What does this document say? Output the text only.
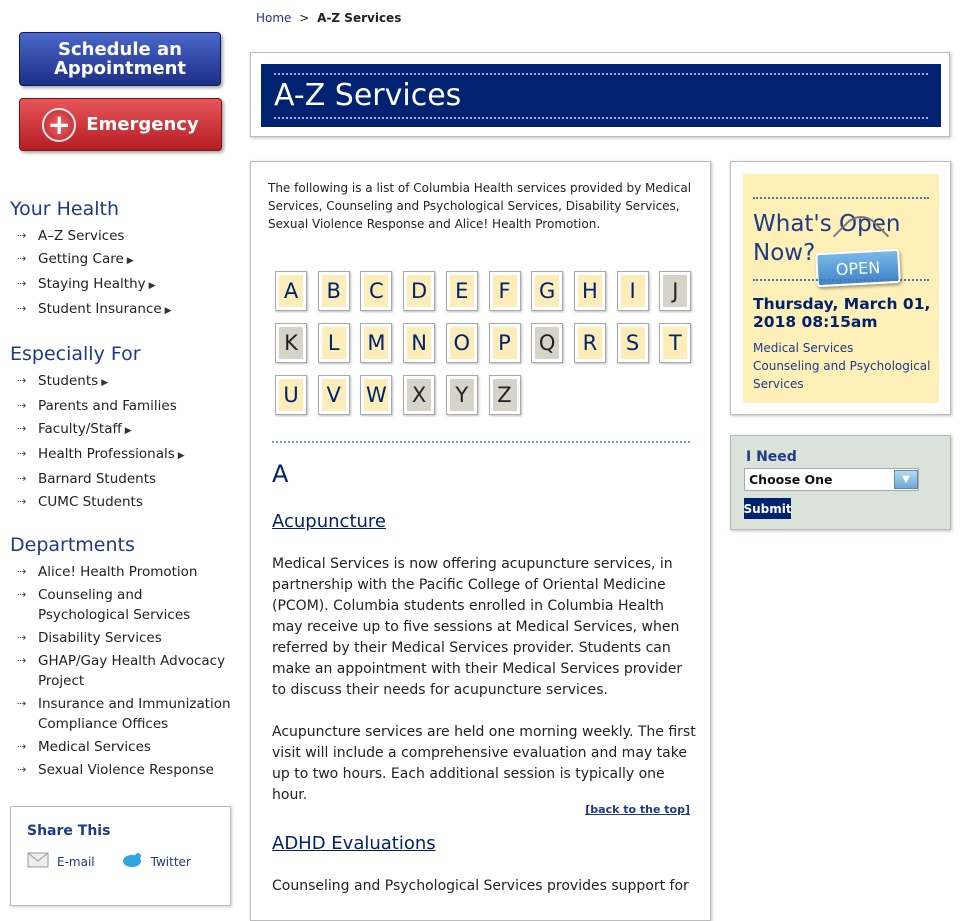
Schedule an
Appointment
+ Emergency
Your Health
⇢ A–Z Services
⇢ Getting Care ▶
⇢ Staying Healthy ▶
⇢ Student Insurance ▶
Especially For
⇢ Students ▶
⇢ Parents and Families
⇢ Faculty/Staff ▶
⇢ Health Professionals ▶
⇢ Barnard Students
⇢ CUMC Students
Departments
⇢ Alice! Health Promotion
⇢ Counseling and Psychological Services
⇢ Disability Services
⇢ GHAP/Gay Health Advocacy Project
⇢ Insurance and Immunization Compliance Offices
⇢ Medical Services
⇢ Sexual Violence Response
Share This
E-mail	Twitter
Home > A-Z Services
A-Z Services
The following is a list of Columbia Health services provided by Medical Services, Counseling and Psychological Services, Disability Services, Sexual Violence Response and Alice! Health Promotion.
A B C D E F G H	I	J
K L M N O P Q R S T
U V W X Y Z
A
Acupuncture
Medical Services is now offering acupuncture services, in partnership with the Pacific College of Oriental Medicine (PCOM). Columbia students enrolled in Columbia Health may receive up to five sessions at Medical Services, when referred by their Medical Services provider. Students can make an appointment with their Medical Services provider to discuss their needs for acupuncture services.
Acupuncture services are held one morning weekly. The first visit will include a comprehensive evaluation and may take up to two hours. Each additional session is typically one hour.
[back to the top]
ADHD Evaluations
Counseling and Psychological Services provides support for
What's Open Now?
OPEN
Thursday, March 01, 2018 08:15am
Medical Services
Counseling and Psychological Services
I Need
Choose One	▼
Submit
